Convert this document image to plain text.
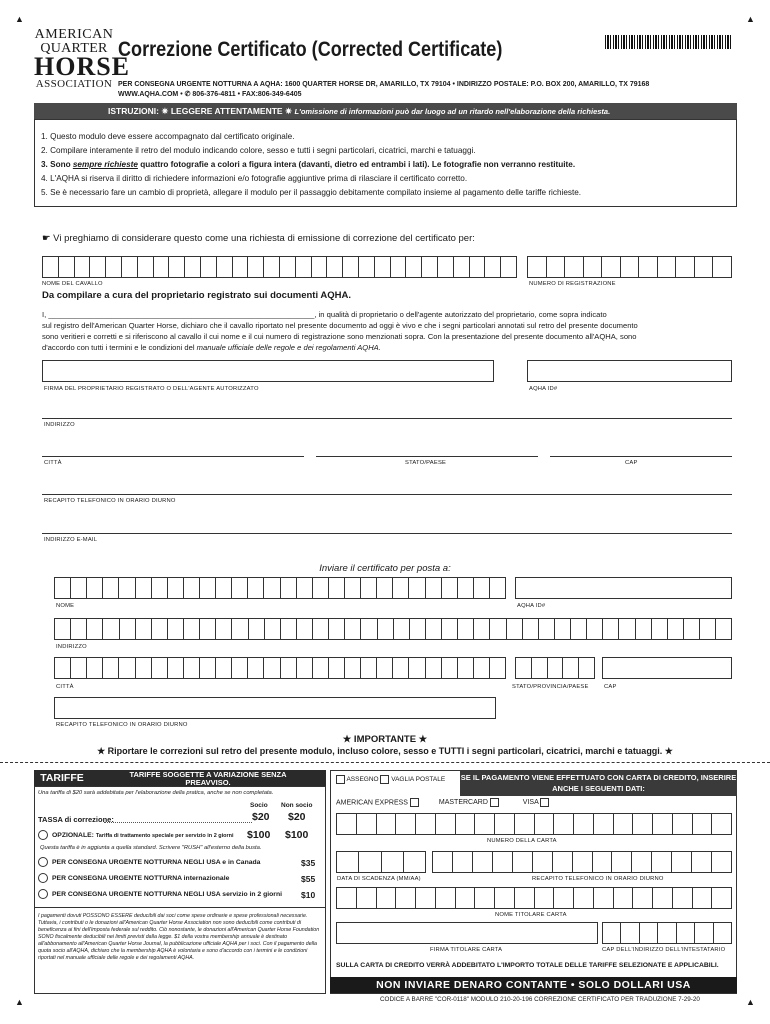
▲	▲
▲	▲
AMERICAN
QUARTER
HORSE
ASSOCIATION
Correzione Certificato (Corrected Certificate)
PER CONSEGNA URGENTE NOTTURNA A AQHA: 1600 QUARTER HORSE DR, AMARILLO, TX 79104 • INDIRIZZO POSTALE: P.O. BOX 200, AMARILLO, TX 79168
WWW.AQHA.COM • ✆ 806-376-4811 • FAX:806-349-6405
ISTRUZIONI: ✷ LEGGERE ATTENTAMENTE ✷ L'omissione di informazioni può dar luogo ad un ritardo nell'elaborazione della richiesta.
1. Questo modulo deve essere accompagnato dal certificato originale.
2. Compilare interamente il retro del modulo indicando colore, sesso e tutti i segni particolari, cicatrici, marchi e tatuaggi.
3. Sono sempre richieste quattro fotografie a colori a figura intera (davanti, dietro ed entrambi i lati). Le fotografie non verranno restituite.
4. L'AQHA si riserva il diritto di richiedere informazioni e/o fotografie aggiuntive prima di rilasciare il certificato corretto.
5. Se è necessario fare un cambio di proprietà, allegare il modulo per il passaggio debitamente compilato insieme al pagamento delle tariffe richieste.
☛ Vi preghiamo di considerare questo come una richiesta di emissione di correzione del certificato per:
NOME DEL CAVALLO	NUMERO DI REGISTRAZIONE
Da compilare a cura del proprietario registrato sui documenti AQHA.
I, _______________________________________________________________, in qualità di proprietario o dell'agente autorizzato del proprietario, come sopra indicato
sul registro dell'American Quarter Horse, dichiaro che il cavallo riportato nel presente documento ad oggi è vivo e che i segni particolari annotati sul retro del presente documento
sono veritieri e corretti e si riferiscono al cavallo il cui nome e il cui numero di registrazione sono menzionati sopra. Con la presentazione del presente documento all'AQHA, sono
d'accordo con tutti i termini e le condizioni del manuale ufficiale delle regole e dei regolamenti AQHA.
FIRMA DEL PROPRIETARIO REGISTRATO O DELL'AGENTE AUTORIZZATO	AQHA ID#
INDIRIZZO
CITTÀ	STATO/PAESE	CAP
RECAPITO TELEFONICO IN ORARIO DIURNO
INDIRIZZO E-MAIL
Inviare il certificato per posta a:
NOME	AQHA ID#
INDIRIZZO
CITTÀ	STATO/PROVINCIA/PAESE	CAP
RECAPITO TELEFONICO IN ORARIO DIURNO
★ IMPORTANTE ★
★ Riportare le correzioni sul retro del presente modulo, incluso colore, sesso e TUTTI i segni particolari, cicatrici, marchi e tatuaggi. ★
TARIFFE	TARIFFE SOGGETTE A VARIAZIONE SENZA PREAVVISO.
Una tariffa di $20 sarà addebitata per l'elaborazione della pratica, anche se non completata.
Socio Non socio
TASSA di correzione:	$20 $20
OPZIONALE: Tariffa di trattamento speciale per servizio in 2 giorni $100 $100
Questa tariffa è in aggiunta a quella standard. Scrivere "RUSH" all'esterno della busta.
PER CONSEGNA URGENTE NOTTURNA NEGLI USA e in Canada	$35
PER CONSEGNA URGENTE NOTTURNA internazionale	$55
PER CONSEGNA URGENTE NOTTURNA NEGLI USA servizio in 2 giorni $10
I pagamenti dovuti POSSONO ESSERE deducibili dai soci come spese ordinarie e spese professionali necessarie. Tuttavia, i contributi o le donazioni all'American Quarter Horse Association non sono deducibili come contributi di beneficenza ai fini dell'imposta federale sul reddito. Ciò nonostante, le donazioni all'American Quarter Horse Foundation SONO fiscalmente deducibili nei limiti previsti dalla legge. $1 della vostra membership annuale è destinato all'abbonamento all'American Quarter Horse Journal, la pubblicazione ufficiale AQHA per i soci. Con il pagamento della quota socio all'AQHA, dichiaro che la membership AQHA è volontaria e sono d'accordo con i termini e le condizioni riportati nel manuale ufficiale delle regole e dei regolamenti AQHA.
ASSEGNO VAGLIA POSTALE SE IL PAGAMENTO VIENE EFFETTUATO CON CARTA DI CREDITO, INSERIRE ANCHE I SEGUENTI DATI:
AMERICAN EXPRESS	MASTERCARD	VISA
NUMERO DELLA CARTA
DATA DI SCADENZA (MM/AA)	RECAPITO TELEFONICO IN ORARIO DIURNO
NOME TITOLARE CARTA
FIRMA TITOLARE CARTA	CAP DELL'INDIRIZZO DELL'INTESTATARIO
SULLA CARTA DI CREDITO VERRÀ ADDEBITATO L'IMPORTO TOTALE DELLE TARIFFE SELEZIONATE E APPLICABILI.
NON INVIARE DENARO CONTANTE • SOLO DOLLARI USA
CODICE A BARRE "COR-0118" MODULO 210-20-196 CORREZIONE CERTIFICATO PER TRADUZIONE 7-29-20
